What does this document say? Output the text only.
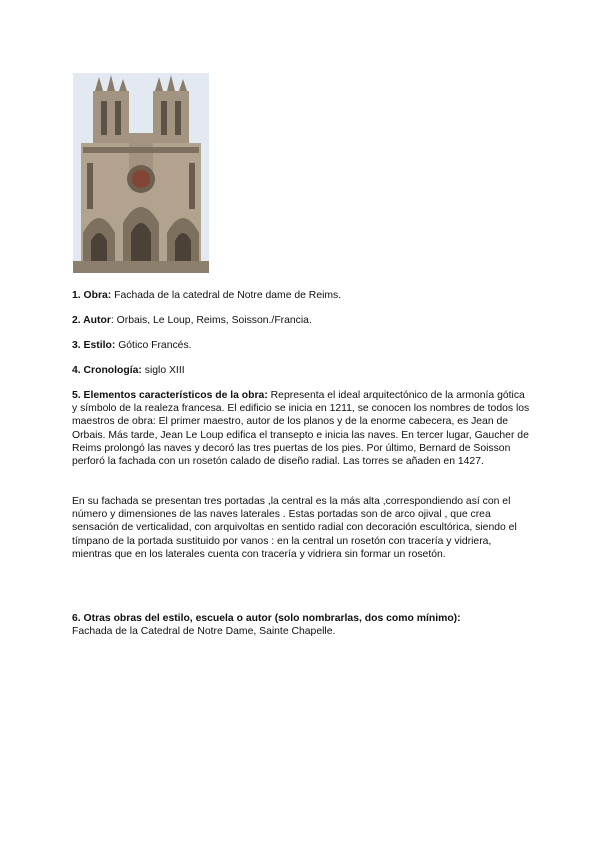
1. Obra: Fachada de la catedral de Notre dame de Reims.

2. Autor: Orbais, Le Loup, Reims, Soisson./Francia.

3. Estilo: Gótico Francés.

4. Cronología: siglo XIII

5. Elementos característicos de la obra: Representa el ideal arquitectónico de la armonía gótica y símbolo de la realeza francesa. El edificio se inicia en 1211, se conocen los nombres de todos los maestros de obra: El primer maestro, autor de los planos y de la enorme cabecera, es Jean de Orbais. Más tarde, Jean Le Loup edifica el transepto e inicia las naves. En tercer lugar, Gaucher de Reims prolongó las naves y decoró las tres puertas de los pies. Por último, Bernard de Soisson perforó la fachada con un rosetón calado de diseño radial. Las torres se añaden en 1427.

En su fachada se presentan tres portadas ,la central es la más alta ,correspondiendo así con el número y dimensiones de las naves laterales . Estas portadas son de arco ojival , que crea sensación de verticalidad, con arquivoltas en sentido radial con decoración escultórica, siendo el tímpano de la portada sustituido por vanos : en la central un rosetón con tracería y vidriera, mientras que en los laterales cuenta con tracería y vidriera sin formar un rosetón.

6. Otras obras del estilo, escuela o autor (solo nombrarlas, dos como mínimo):

Fachada de la Catedral de Notre Dame, Sainte Chapelle.
